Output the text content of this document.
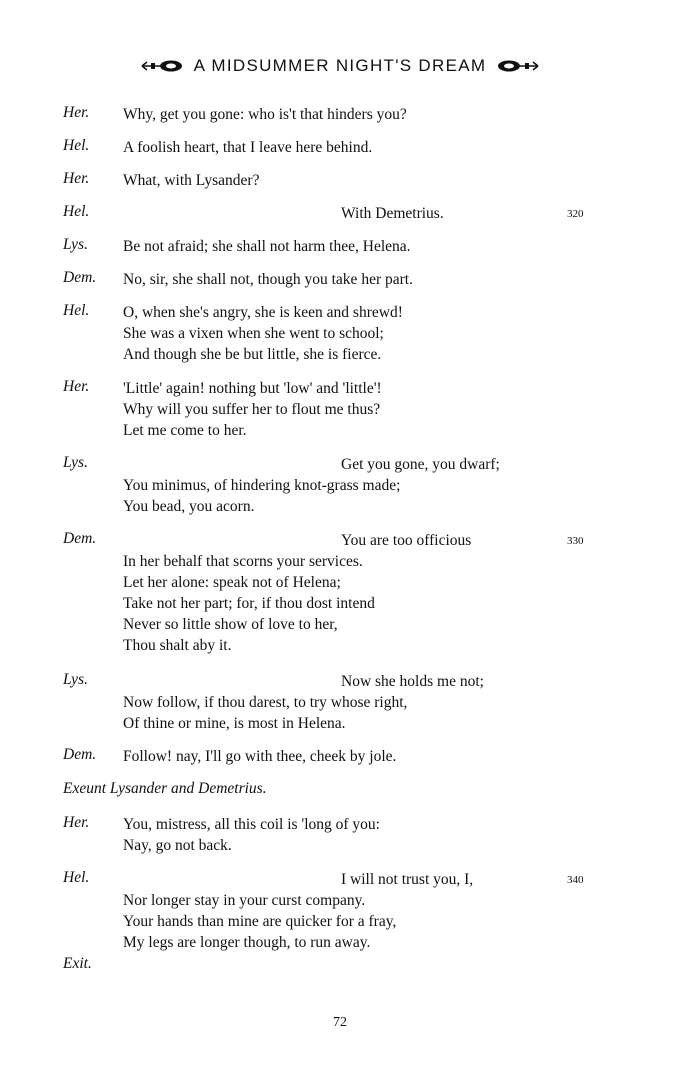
A MIDSUMMER NIGHT'S DREAM
Her. Why, get you gone: who is't that hinders you?
Hel. A foolish heart, that I leave here behind.
Her. What, with Lysander?
Hel.	With Demetrius.	320
Lys. Be not afraid; she shall not harm thee, Helena.
Dem. No, sir, she shall not, though you take her part.
Hel. O, when she's angry, she is keen and shrewd!
She was a vixen when she went to school;
And though she be but little, she is fierce.
Her. 'Little' again! nothing but 'low' and 'little'!
Why will you suffer her to flout me thus?
Let me come to her.
Lys.	Get you gone, you dwarf;
You minimus, of hindering knot-grass made;
You bead, you acorn.
Dem.	You are too officious	330
In her behalf that scorns your services.
Let her alone: speak not of Helena;
Take not her part; for, if thou dost intend
Never so little show of love to her,
Thou shalt aby it.
Lys.	Now she holds me not;
Now follow, if thou darest, to try whose right,
Of thine or mine, is most in Helena.
Dem. Follow! nay, I'll go with thee, cheek by jole.
Exeunt Lysander and Demetrius.
Her. You, mistress, all this coil is 'long of you:
Nay, go not back.
Hel.	I will not trust you, I,	340
Nor longer stay in your curst company.
Your hands than mine are quicker for a fray,
My legs are longer though, to run away.
Exit.
72
